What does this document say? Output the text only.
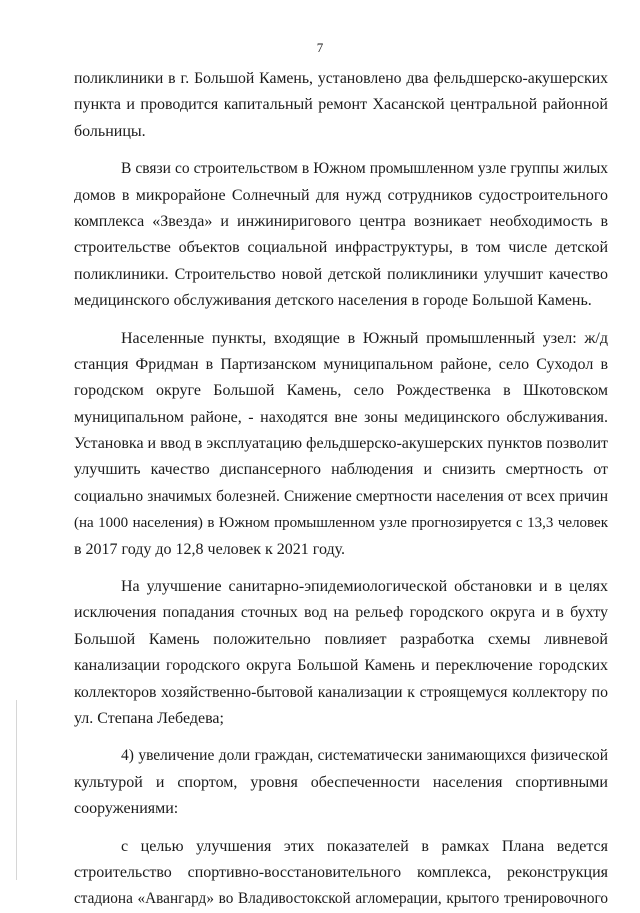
7
поликлиники в г. Большой Камень, установлено два фельдшерско-акушерских
пункта и проводится капитальный ремонт Хасанской центральной районной
больницы.
В связи со строительством в Южном промышленном узле группы жилых
домов в микрорайоне Солнечный для нужд сотрудников судостроительного
комплекса «Звезда» и инжиниригового центра возникает необходимость в
строительстве объектов социальной инфраструктуры, в том числе детской
поликлиники. Строительство новой детской поликлиники улучшит качество
медицинского обслуживания детского населения в городе Большой Камень.
Населенные пункты, входящие в Южный промышленный узел: ж/д
станция Фридман в Партизанском муниципальном районе, село Суходол в
городском округе Большой Камень, село Рождественка в Шкотовском
муниципальном районе, - находятся вне зоны медицинского обслуживания.
Установка и ввод в эксплуатацию фельдшерско-акушерских пунктов позволит
улучшить качество диспансерного наблюдения и снизить смертность от
социально значимых болезней. Снижение смертности населения от всех причин
(на 1000 населения) в Южном промышленном узле прогнозируется с 13,3 человек
в 2017 году до 12,8 человек к 2021 году.
На улучшение санитарно-эпидемиологической обстановки и в целях
исключения попадания сточных вод на рельеф городского округа и в бухту
Большой Камень положительно повлияет разработка схемы ливневой
канализации городского округа Большой Камень и переключение городских
коллекторов хозяйственно-бытовой канализации к строящемуся коллектору по
ул. Степана Лебедева;
4) увеличение доли граждан, систематически занимающихся физической
культурой и спортом, уровня обеспеченности населения спортивными
сооружениями:
с целью улучшения этих показателей в рамках Плана ведется
строительство спортивно-восстановительного комплекса, реконструкция
стадиона «Авангард» во Владивостокской агломерации, крытого тренировочного
